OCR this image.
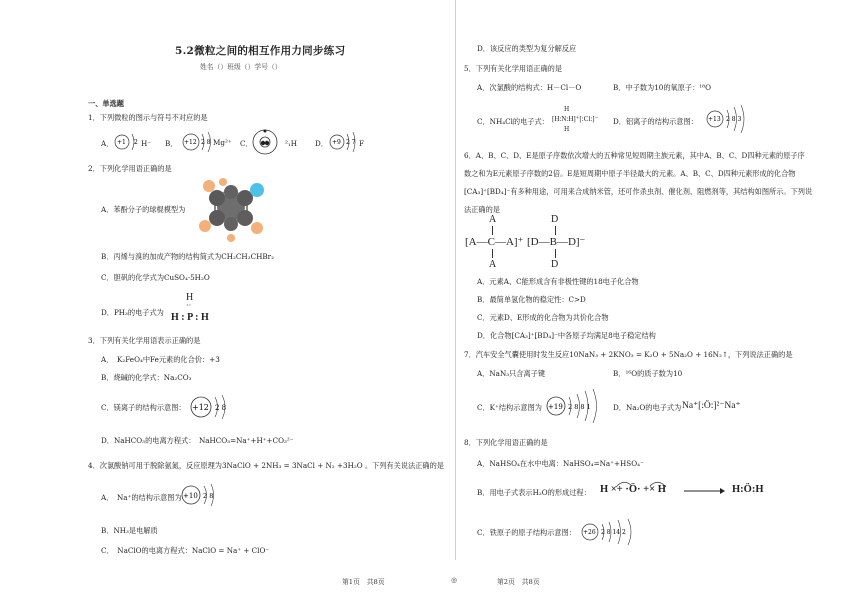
5.2微粒之间的相互作用力同步练习
姓名（）班级（）学号（）
一、单选题
1．下列微粒的图示与符号不对应的是
A． +1 2 H⁻ B． +12 2 8 Mg²⁺ C．	²₁H D． +9 2 7 F
2．下列化学用语正确的是
A．苯酚分子的球棍模型为
B．丙烯与溴的加成产物的结构简式为CH₂CH₂CHBr₂
C．胆矾的化学式为CuSO₄·5H₂O
D．PH₃的电子式为
H
··
H : P : H
3．下列有关化学用语表示正确的是
A．　K₂FeO₄中Fe元素的化合价：+3
B．烧碱的化学式：Na₂CO₃
C．镁离子的结构示意图： +12 2 8
D．NaHCO₃的电离方程式：　NaHCO₃=Na⁺+H⁺+CO₃²⁻
4．次氯酸钠可用于脱除氨氮，反应原理为3NaClO + 2NH₃ = 3NaCl + N₂ +3H₂O 。下列有关说法正确的是
A．　Na⁺的结构示意图为 +10 2 8
B．NH₃是电解质
C．　NaClO的电离方程式：NaClO = Na⁺ + ClO⁻
D．该反应的类型为复分解反应
5．下列有关化学用语正确的是
A．次氯酸的结构式：H－Cl－O	B．中子数为10的氧原子：¹⁸O
C．NH₄Cl的电子式：
H
[H:N:H]⁺[:Cl:]⁻
H
D．铝离子的结构示意图： +13 2 8 3
6．A、B、C、D、E是原子序数依次增大的五种常见短周期主族元素，其中A、B、C、D四种元素的原子序
数之和为E元素原子序数的2倍。E是短周期中原子半径最大的元素。A、B、C、D四种元素形成的化合物
[CA₃]⁺[BD₄]⁻有多种用途，可用来合成纳米管，还可作杀虫剂、催化剂、阻燃剂等，其结构如图所示。下列说
法正确的是
A
[A—C—A]⁺
A
D
[D—B—D]⁻
D
A．元素A、C能形成含有非极性键的18电子化合物
B．最简单氢化物的稳定性：C>D
C．元素D、E形成的化合物为共价化合物
D．化合物[CA₃]⁺[BD₄]⁻中各原子均满足8电子稳定结构
7．汽车安全气囊使用时发生反应10NaN₃ + 2KNO₃ = K₂O + 5Na₂O + 16N₂↑，下列说法正确的是
A．NaN₃只含离子键	B．¹⁶O的质子数为10
C．K⁺结构示意图为 +19 2 8 8 1	D．Na₂O的电子式为 Na⁺[:Ö:]²⁻Na⁺
8．下列化学用语正确的是
A．NaHSO₄在水中电离：NaHSO₄=Na⁺+HSO₄⁻
B．用电子式表示H₂O的形成过程： H ×+ ·Ö· +× H	H:Ö:H
C．铁原子的原子结构示意图： +26 2 8 14 2
第1页　共8页	◎	第2页　共8页
